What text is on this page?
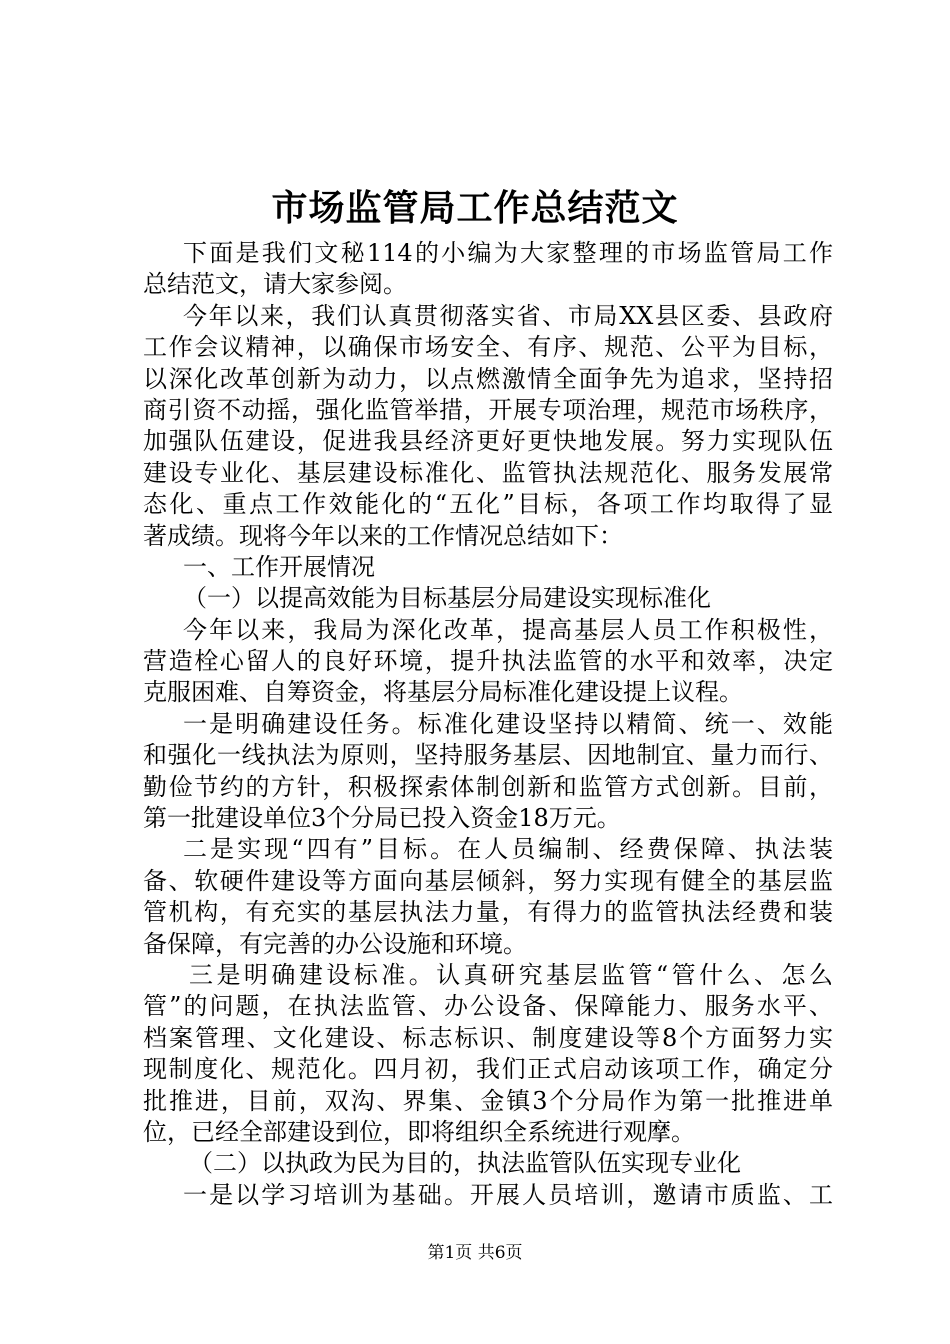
市场监管局工作总结范文
下面是我们文秘114的小编为大家整理的市场监管局工作
总结范文，请大家参阅。
今年以来，我们认真贯彻落实省、市局XX县区委、县政府
工作会议精神，以确保市场安全、有序、规范、公平为目标，
以深化改革创新为动力，以点燃激情全面争先为追求，坚持招
商引资不动摇，强化监管举措，开展专项治理，规范市场秩序，
加强队伍建设，促进我县经济更好更快地发展。努力实现队伍
建设专业化、基层建设标准化、监管执法规范化、服务发展常
态化、重点工作效能化的“五化”目标，各项工作均取得了显
著成绩。现将今年以来的工作情况总结如下：
一、工作开展情况
（一）以提高效能为目标基层分局建设实现标准化
今年以来，我局为深化改革，提高基层人员工作积极性，
营造栓心留人的良好环境，提升执法监管的水平和效率，决定
克服困难、自筹资金，将基层分局标准化建设提上议程。
一是明确建设任务。标准化建设坚持以精简、统一、效能
和强化一线执法为原则，坚持服务基层、因地制宜、量力而行、
勤俭节约的方针，积极探索体制创新和监管方式创新。目前，
第一批建设单位3个分局已投入资金18万元。
二是实现“四有”目标。在人员编制、经费保障、执法装
备、软硬件建设等方面向基层倾斜，努力实现有健全的基层监
管机构，有充实的基层执法力量，有得力的监管执法经费和装
备保障，有完善的办公设施和环境。
三是明确建设标准。认真研究基层监管“管什么、怎么
管”的问题，在执法监管、办公设备、保障能力、服务水平、
档案管理、文化建设、标志标识、制度建设等8个方面努力实
现制度化、规范化。四月初，我们正式启动该项工作，确定分
批推进，目前，双沟、界集、金镇3个分局作为第一批推进单
位，已经全部建设到位，即将组织全系统进行观摩。
（二）以执政为民为目的，执法监管队伍实现专业化
一是以学习培训为基础。开展人员培训，邀请市质监、工
第1页 共6页
